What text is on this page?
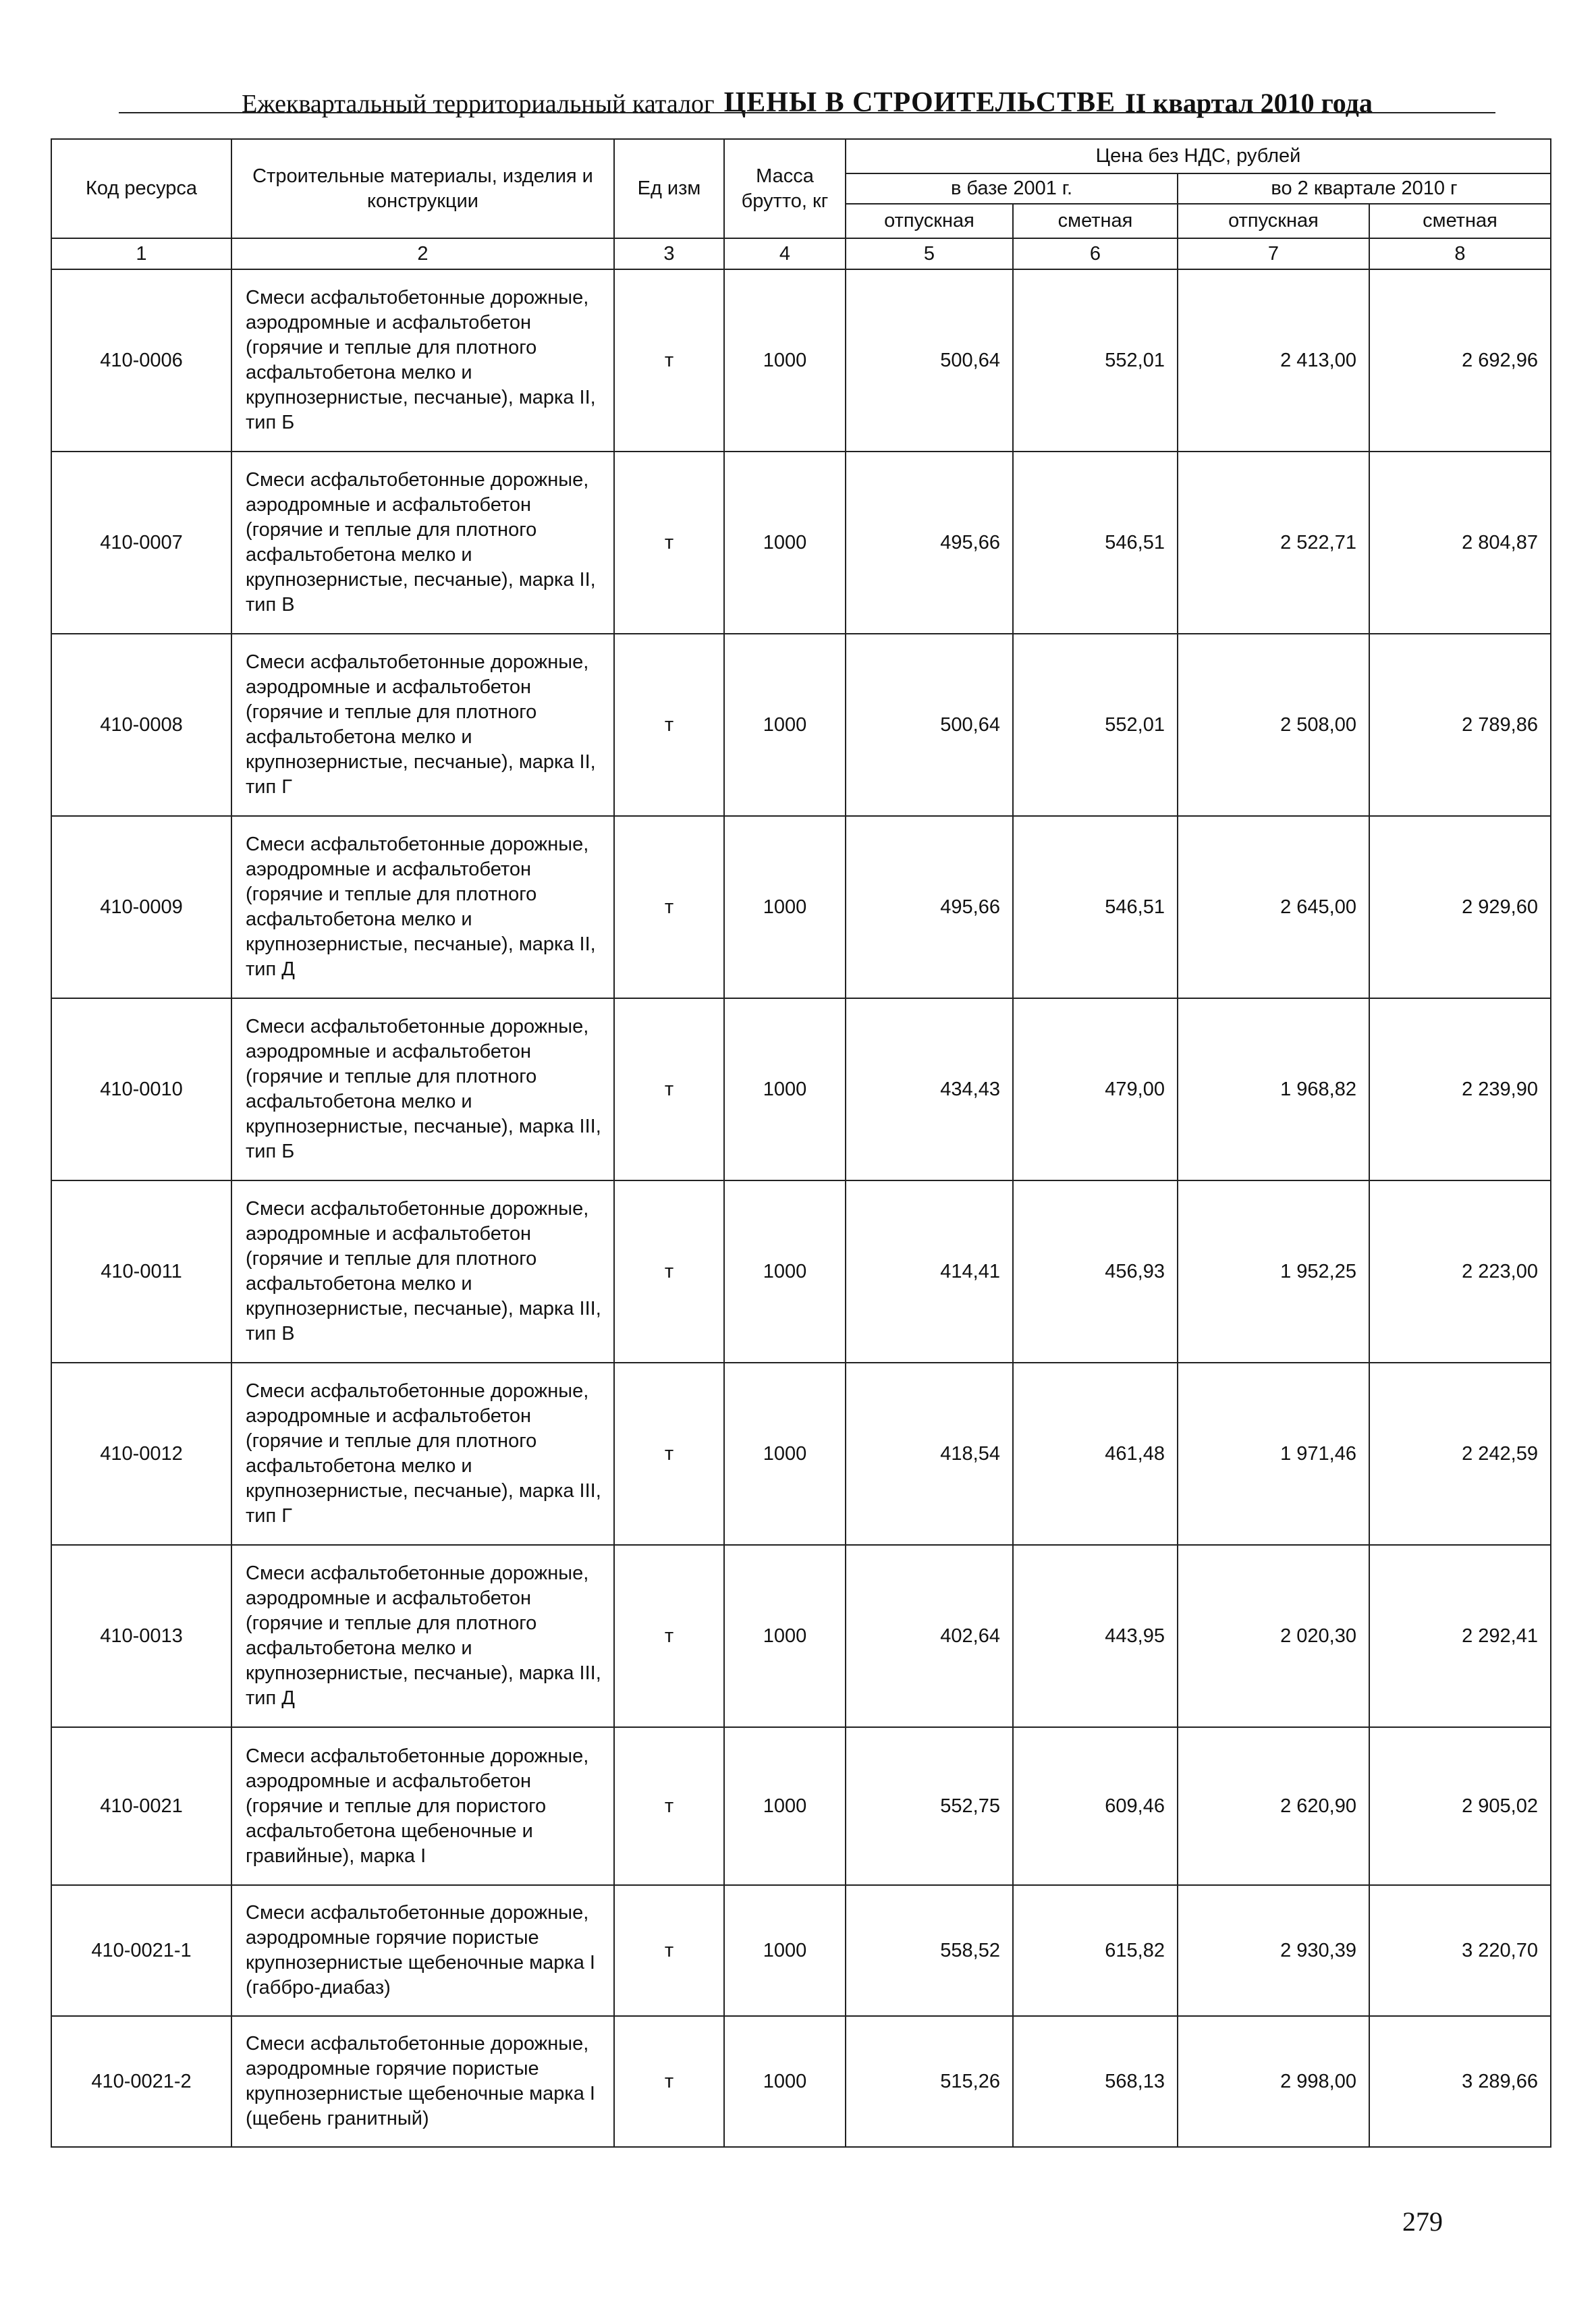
Ежеквартальный территориальный каталог ЦЕНЫ В СТРОИТЕЛЬСТВЕ II квартал 2010 года
Код ресурса	Строительные материалы, изделия и конструкции	Ед изм	Масса брутто, кг	Цена без НДС, рублей			
				в базе 2001 г.		во 2 квартале 2010 г	
				отпускная	сметная	отпускная	сметная
1	2	3	4	5	6	7	8
410-0006	Смеси асфальтобетонные дорожные, аэродромные и асфальтобетон (горячие и теплые для плотного асфальтобетона мелко и крупнозернистые, песчаные), марка II, тип Б	т	1000	500,64	552,01	2 413,00	2 692,96
410-0007	Смеси асфальтобетонные дорожные, аэродромные и асфальтобетон (горячие и теплые для плотного асфальтобетона мелко и крупнозернистые, песчаные), марка II, тип В	т	1000	495,66	546,51	2 522,71	2 804,87
410-0008	Смеси асфальтобетонные дорожные, аэродромные и асфальтобетон (горячие и теплые для плотного асфальтобетона мелко и крупнозернистые, песчаные), марка II, тип Г	т	1000	500,64	552,01	2 508,00	2 789,86
410-0009	Смеси асфальтобетонные дорожные, аэродромные и асфальтобетон (горячие и теплые для плотного асфальтобетона мелко и крупнозернистые, песчаные), марка II, тип Д	т	1000	495,66	546,51	2 645,00	2 929,60
410-0010	Смеси асфальтобетонные дорожные, аэродромные и асфальтобетон (горячие и теплые для плотного асфальтобетона мелко и крупнозернистые, песчаные), марка III, тип Б	т	1000	434,43	479,00	1 968,82	2 239,90
410-0011	Смеси асфальтобетонные дорожные, аэродромные и асфальтобетон (горячие и теплые для плотного асфальтобетона мелко и крупнозернистые, песчаные), марка III, тип В	т	1000	414,41	456,93	1 952,25	2 223,00
410-0012	Смеси асфальтобетонные дорожные, аэродромные и асфальтобетон (горячие и теплые для плотного асфальтобетона мелко и крупнозернистые, песчаные), марка III, тип Г	т	1000	418,54	461,48	1 971,46	2 242,59
410-0013	Смеси асфальтобетонные дорожные, аэродромные и асфальтобетон (горячие и теплые для плотного асфальтобетона мелко и крупнозернистые, песчаные), марка III, тип Д	т	1000	402,64	443,95	2 020,30	2 292,41
410-0021	Смеси асфальтобетонные дорожные, аэродромные и асфальтобетон (горячие и теплые для пористого асфальтобетона щебеночные и гравийные), марка I	т	1000	552,75	609,46	2 620,90	2 905,02
410-0021-1	Смеси асфальтобетонные дорожные, аэродромные горячие пористые крупнозернистые щебеночные марка I (габбро-диабаз)	т	1000	558,52	615,82	2 930,39	3 220,70
410-0021-2	Смеси асфальтобетонные дорожные, аэродромные горячие пористые крупнозернистые щебеночные марка I (щебень гранитный)	т	1000	515,26	568,13	2 998,00	3 289,66
279
